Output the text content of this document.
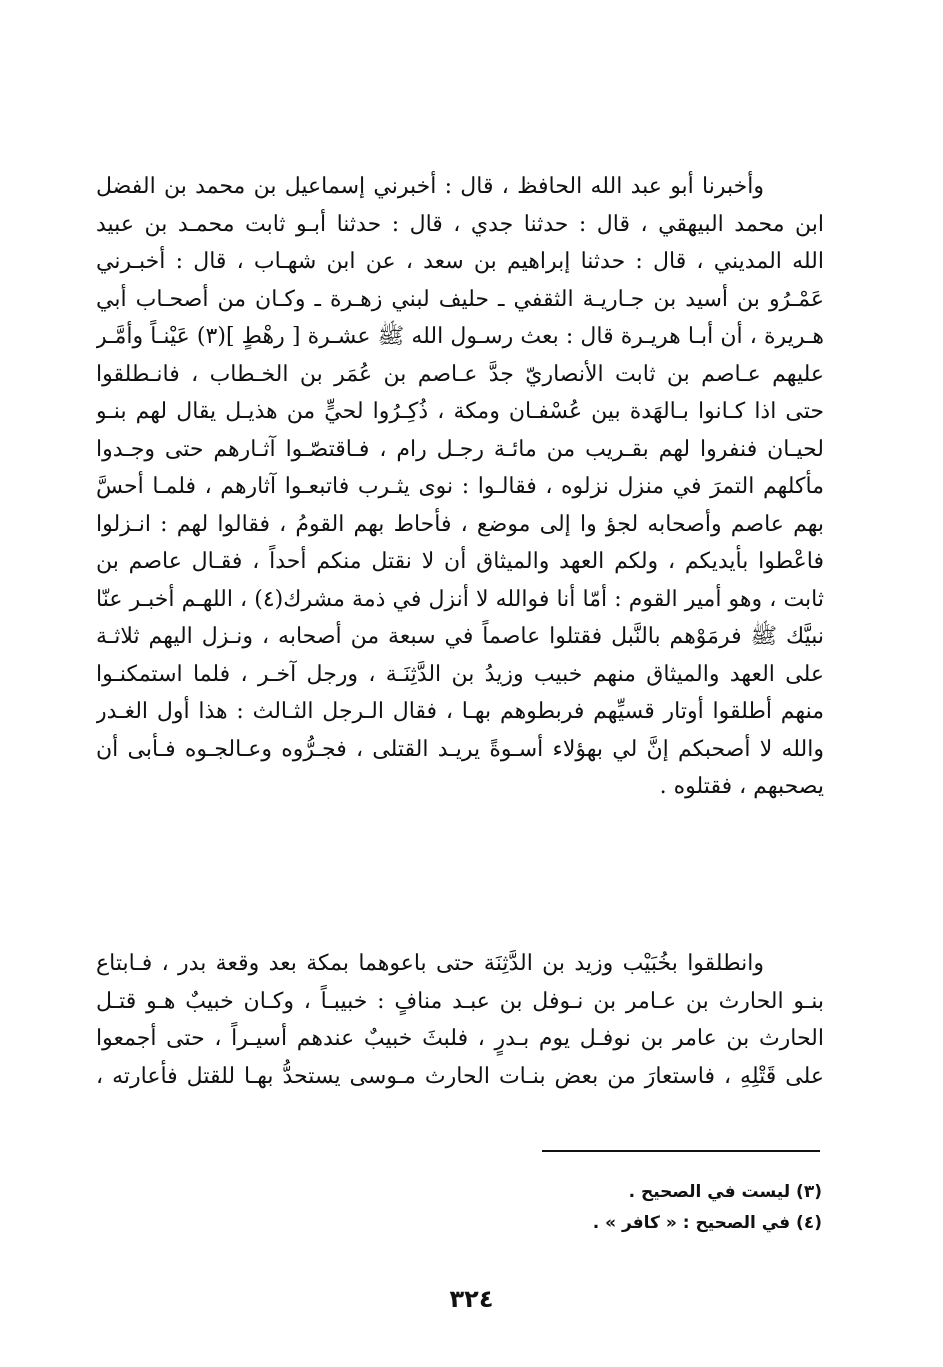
وأخبرنا أبو عبد الله الحافظ ، قال : أخبرني إسماعيل بن محمد بن الفضل
ابن محمد البيهقي ، قال : حدثنا جدي ، قال : حدثنا أبـو ثابت محمـد بن عبيد
الله المديني ، قال : حدثنا إبراهيم بن سعد ، عن ابن شهـاب ، قال : أخبـرني
عَمْـرُو بن أسيد بن جـاريـة الثقفي ـ حليف لبني زهـرة ـ وكـان من أصحـاب أبي
هـريرة ، أن أبـا هريـرة قال : بعث رسـول الله ﷺ عشـرة [ رهْطٍ ](٣) عَيْنـاً وأمَّـر
عليهم عـاصم بن ثابت الأنصاريّ جدَّ عـاصم بن عُمَر بن الخـطاب ، فانـطلقوا
حتى اذا كـانوا بـالهَدة بين عُسْفـان ومكة ، ذُكِـرُوا لحيٍّ من هذيـل يقال لهم بنـو
لحيـان فنفروا لهم بقـريب من مائـة رجـل رام ، فـاقتصّـوا آثـارهم حتى وجـدوا
مأكلهم التمرَ في منزل نزلوه ، فقالـوا : نوى يثـرب فاتبعـوا آثارهم ، فلمـا أحسَّ
بهم عاصم وأصحابه لجؤ وا إلى موضع ، فأحاط بهم القومُ ، فقالوا لهم : انـزلوا
فاعْطوا بأيديكم ، ولكم العهد والميثاق أن لا نقتل منكم أحداً ، فقـال عاصم بن
ثابت ، وهو أمير القوم : أمّا أنا فوالله لا أنزل في ذمة مشرك(٤) ، اللهـم أخبـر عنّا
نبيَّك ﷺ فرمَوْهم بالنَّبل فقتلوا عاصماً في سبعة من أصحابه ، ونـزل اليهم ثلاثـة
على العهد والميثاق منهم خبيب وزيدُ بن الدَّثِنَـة ، ورجل آخـر ، فلما استمكنـوا
منهم أطلقوا أوتار قسيِّهم فربطوهم بهـا ، فقال الـرجل الثـالث : هذا أول الغـدر
والله لا أصحبكم إنَّ لي بهؤلاء أسـوةً يريـد القتلى ، فجـرُّوه وعـالجـوه فـأبى أن
يصحبهم ، فقتلوه .
وانطلقوا بخُبَيْب وزيد بن الدَّثِنَة حتى باعوهما بمكة بعد وقعة بدر ، فـابتاع
بنـو الحارث بن عـامر بن نـوفل بن عبـد منافٍ : خبيبـاً ، وكـان خبيبٌ هـو قتـل
الحارث بن عامر بن نوفـل يوم بـدرٍ ، فلبثَ خبيبٌ عندهم أسيـراً ، حتى أجمعوا
على قَتْلِهِ ، فاستعارَ من بعض بنـات الحارث مـوسى يستحدُّ بهـا للقتل فأعارته ،
(٣) ليست في الصحيح .
(٤) في الصحيح : « كافر » .
٣٢٤
